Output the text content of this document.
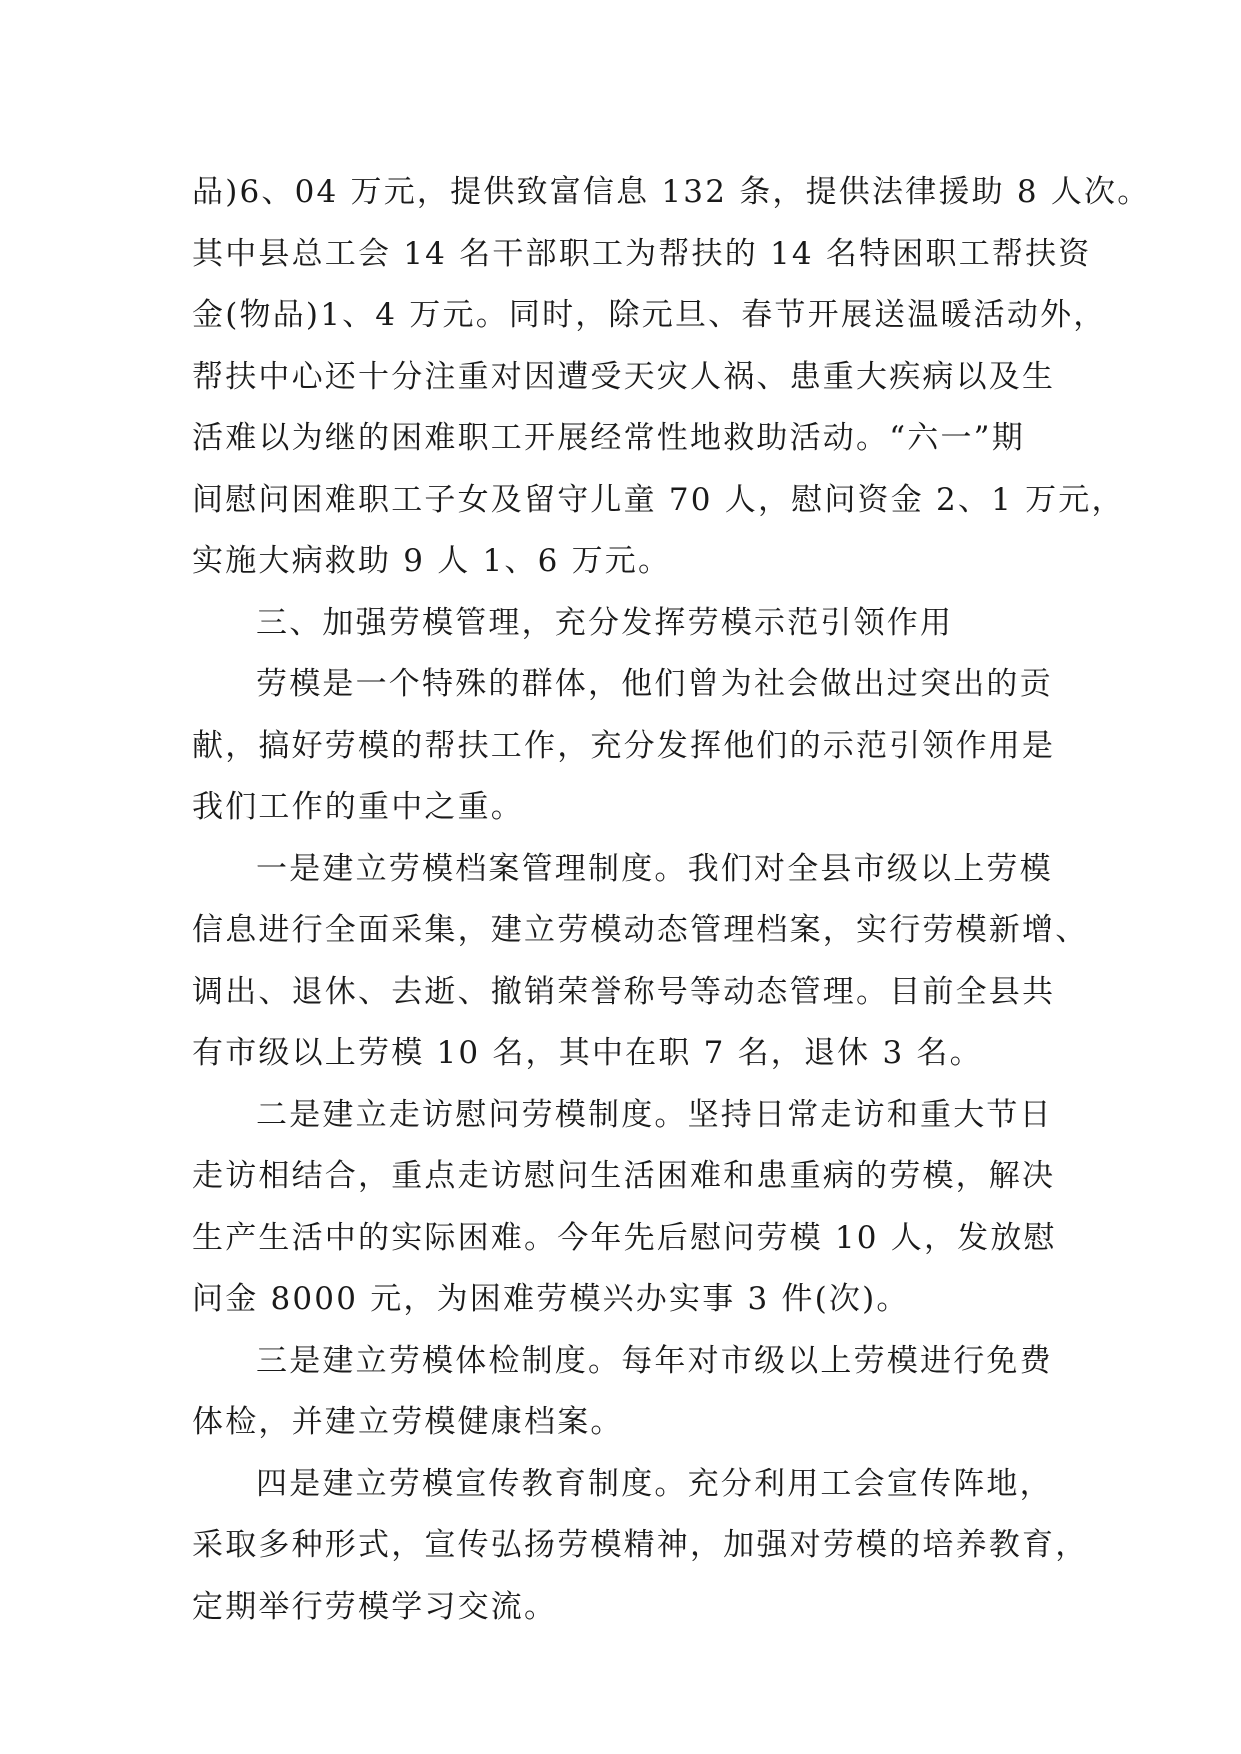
品)6、04 万元，提供致富信息 132 条，提供法律援助 8 人次。
其中县总工会 14 名干部职工为帮扶的 14 名特困职工帮扶资
金(物品)1、4 万元。同时，除元旦、春节开展送温暖活动外，
帮扶中心还十分注重对因遭受天灾人祸、患重大疾病以及生
活难以为继的困难职工开展经常性地救助活动。“六一”期
间慰问困难职工子女及留守儿童 70 人，慰问资金 2、1 万元，
实施大病救助 9 人 1、6 万元。
三、加强劳模管理，充分发挥劳模示范引领作用
劳模是一个特殊的群体，他们曾为社会做出过突出的贡
献，搞好劳模的帮扶工作，充分发挥他们的示范引领作用是
我们工作的重中之重。
一是建立劳模档案管理制度。我们对全县市级以上劳模
信息进行全面采集，建立劳模动态管理档案，实行劳模新增、
调出、退休、去逝、撤销荣誉称号等动态管理。目前全县共
有市级以上劳模 10 名，其中在职 7 名，退休 3 名。
二是建立走访慰问劳模制度。坚持日常走访和重大节日
走访相结合，重点走访慰问生活困难和患重病的劳模，解决
生产生活中的实际困难。今年先后慰问劳模 10 人，发放慰
问金 8000 元，为困难劳模兴办实事 3 件(次)。
三是建立劳模体检制度。每年对市级以上劳模进行免费
体检，并建立劳模健康档案。
四是建立劳模宣传教育制度。充分利用工会宣传阵地，
采取多种形式，宣传弘扬劳模精神，加强对劳模的培养教育，
定期举行劳模学习交流。
